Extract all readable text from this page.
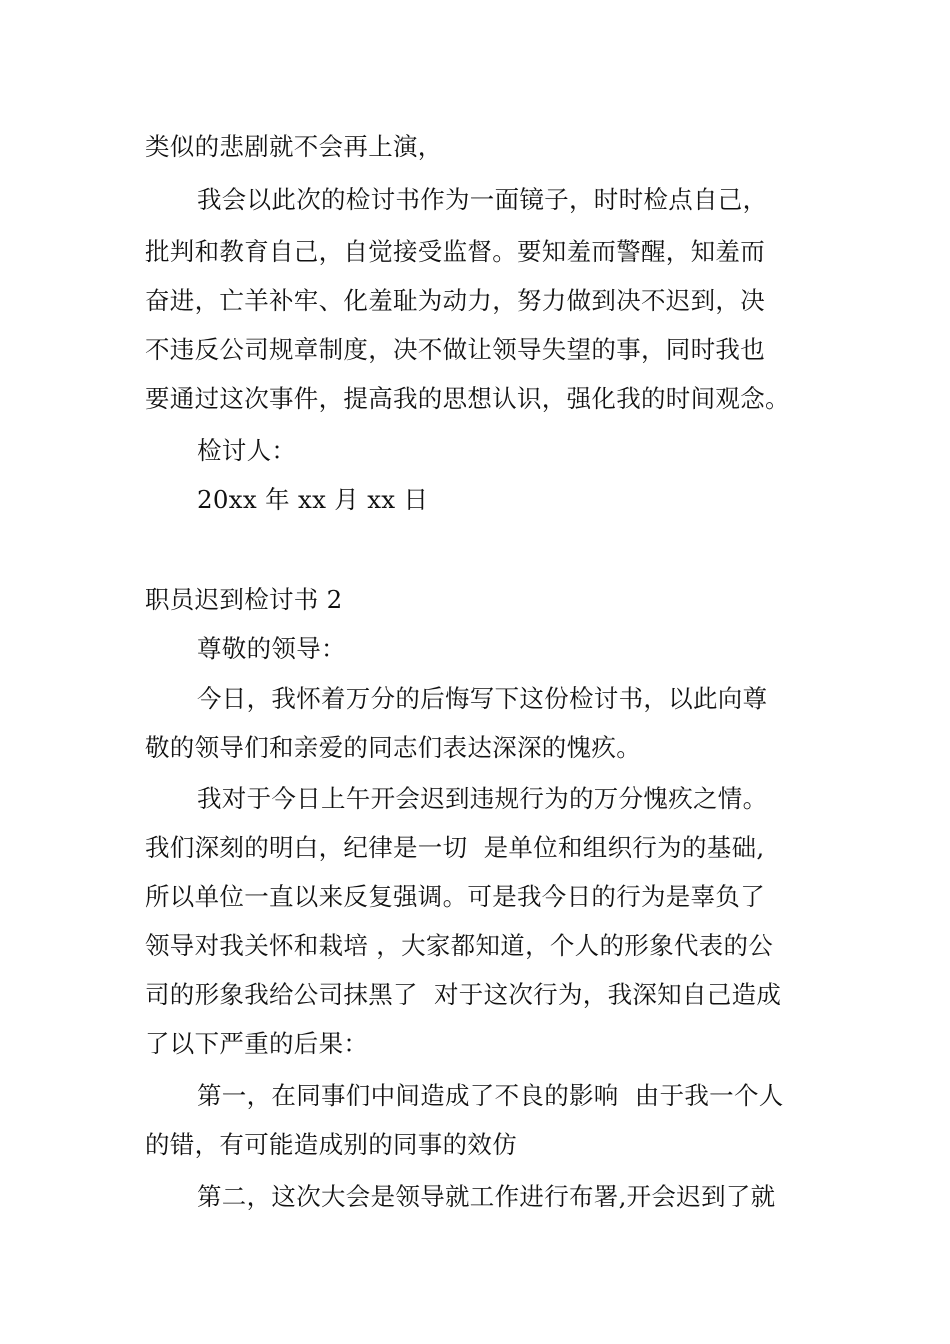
类似的悲剧就不会再上演，
我会以此次的检讨书作为一面镜子，时时检点自己，
批判和教育自己，自觉接受监督。要知羞而警醒，知羞而
奋进，亡羊补牢、化羞耻为动力，努力做到决不迟到，决
不违反公司规章制度，决不做让领导失望的事，同时我也
要通过这次事件，提高我的思想认识，强化我的时间观念。
检讨人：
20xx 年 xx 月 xx 日
职员迟到检讨书 2
尊敬的领导：
今日，我怀着万分的后悔写下这份检讨书，以此向尊
敬的领导们和亲爱的同志们表达深深的愧疚。
我对于今日上午开会迟到违规行为的万分愧疚之情。
我们深刻的明白，纪律是一切  是单位和组织行为的基础,
所以单位一直以来反复强调。可是我今日的行为是辜负了
领导对我关怀和栽培 ，大家都知道，个人的形象代表的公
司的形象我给公司抹黑了  对于这次行为，我深知自己造成
了以下严重的后果：
第一，在同事们中间造成了不良的影响  由于我一个人
的错，有可能造成别的同事的效仿
第二，这次大会是领导就工作进行布署,开会迟到了就
